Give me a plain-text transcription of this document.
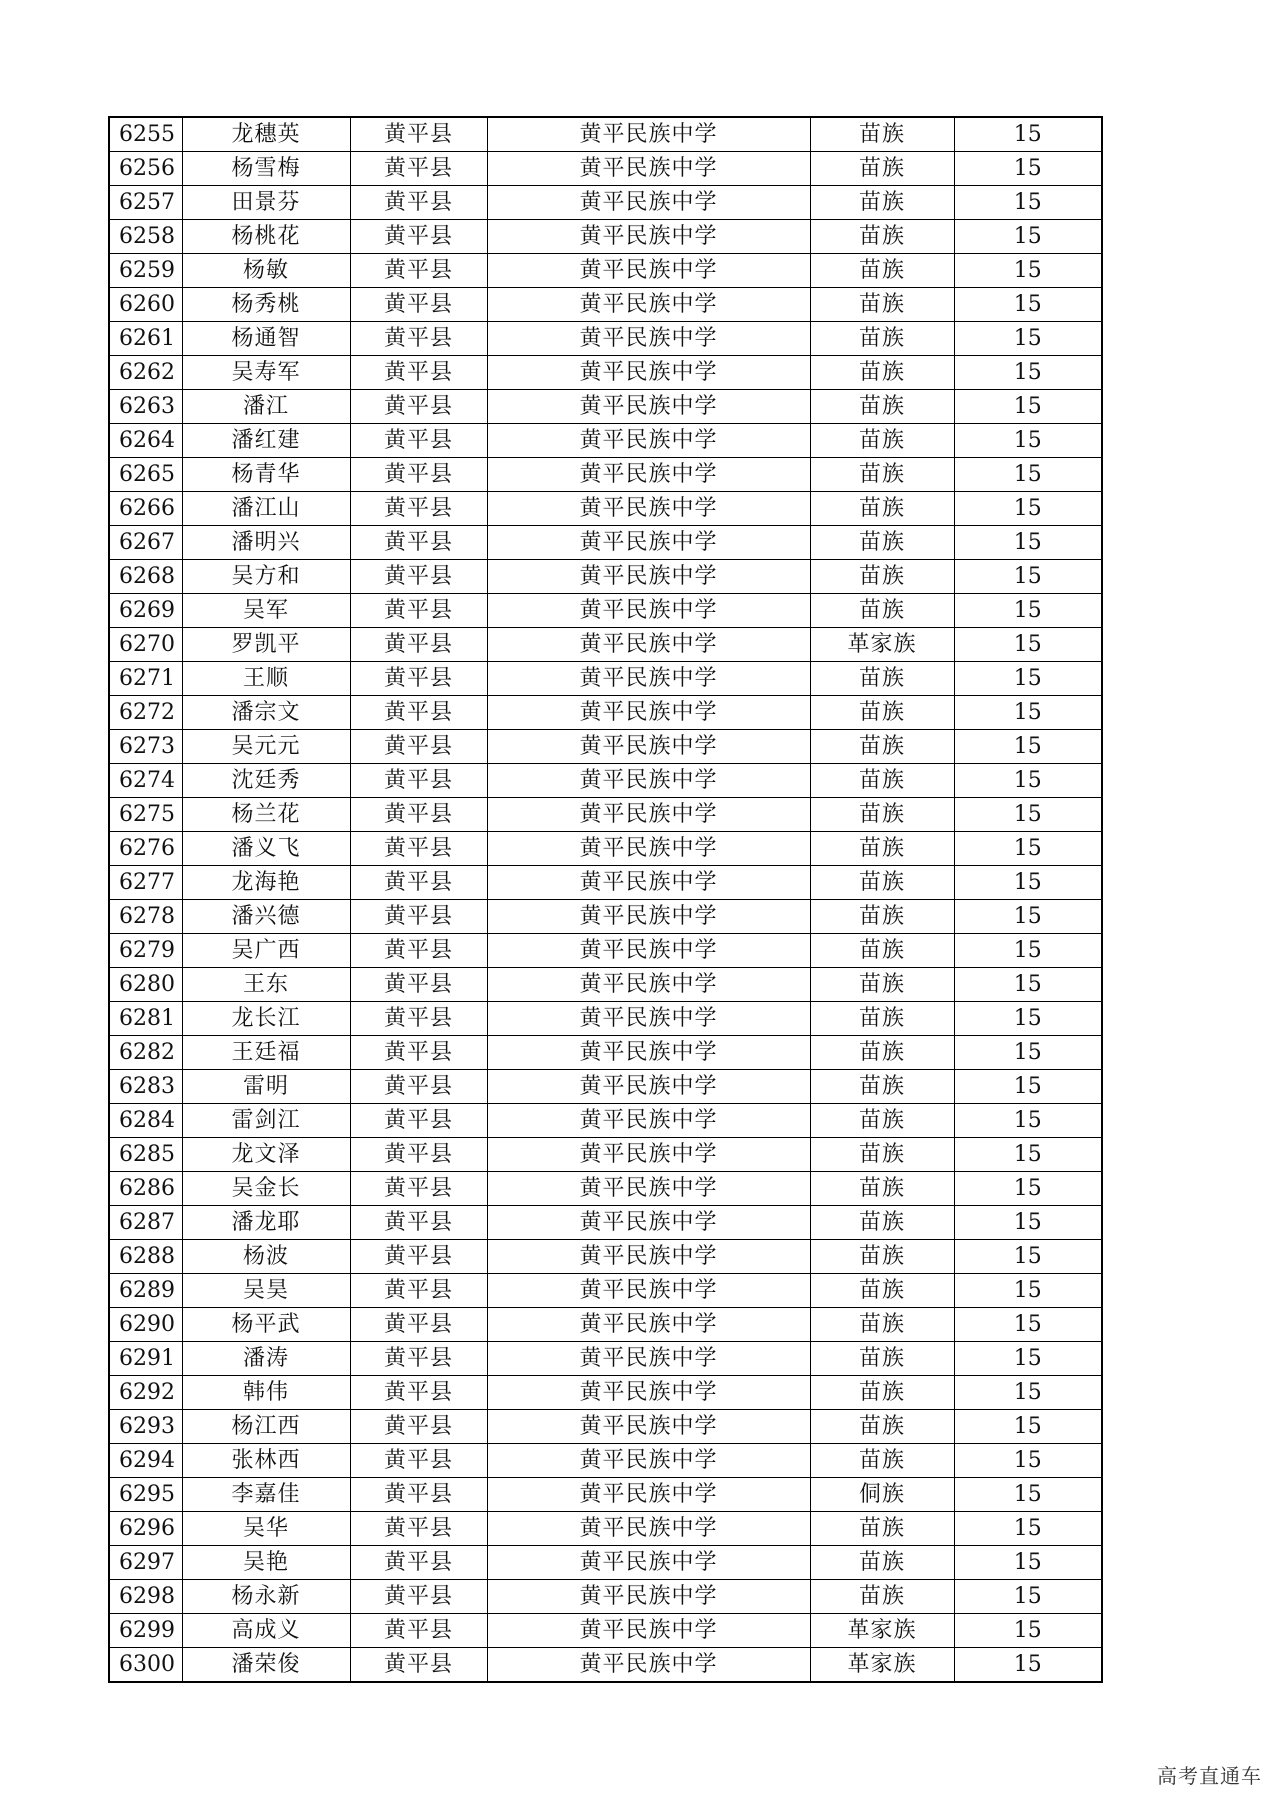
6255	龙穗英	黄平县	黄平民族中学	苗族	15
6256	杨雪梅	黄平县	黄平民族中学	苗族	15
6257	田景芬	黄平县	黄平民族中学	苗族	15
6258	杨桃花	黄平县	黄平民族中学	苗族	15
6259	杨敏	黄平县	黄平民族中学	苗族	15
6260	杨秀桃	黄平县	黄平民族中学	苗族	15
6261	杨通智	黄平县	黄平民族中学	苗族	15
6262	吴寿军	黄平县	黄平民族中学	苗族	15
6263	潘江	黄平县	黄平民族中学	苗族	15
6264	潘红建	黄平县	黄平民族中学	苗族	15
6265	杨青华	黄平县	黄平民族中学	苗族	15
6266	潘江山	黄平县	黄平民族中学	苗族	15
6267	潘明兴	黄平县	黄平民族中学	苗族	15
6268	吴方和	黄平县	黄平民族中学	苗族	15
6269	吴军	黄平县	黄平民族中学	苗族	15
6270	罗凯平	黄平县	黄平民族中学	革家族	15
6271	王顺	黄平县	黄平民族中学	苗族	15
6272	潘宗文	黄平县	黄平民族中学	苗族	15
6273	吴元元	黄平县	黄平民族中学	苗族	15
6274	沈廷秀	黄平县	黄平民族中学	苗族	15
6275	杨兰花	黄平县	黄平民族中学	苗族	15
6276	潘义飞	黄平县	黄平民族中学	苗族	15
6277	龙海艳	黄平县	黄平民族中学	苗族	15
6278	潘兴德	黄平县	黄平民族中学	苗族	15
6279	吴广西	黄平县	黄平民族中学	苗族	15
6280	王东	黄平县	黄平民族中学	苗族	15
6281	龙长江	黄平县	黄平民族中学	苗族	15
6282	王廷福	黄平县	黄平民族中学	苗族	15
6283	雷明	黄平县	黄平民族中学	苗族	15
6284	雷剑江	黄平县	黄平民族中学	苗族	15
6285	龙文泽	黄平县	黄平民族中学	苗族	15
6286	吴金长	黄平县	黄平民族中学	苗族	15
6287	潘龙耶	黄平县	黄平民族中学	苗族	15
6288	杨波	黄平县	黄平民族中学	苗族	15
6289	吴昊	黄平县	黄平民族中学	苗族	15
6290	杨平武	黄平县	黄平民族中学	苗族	15
6291	潘涛	黄平县	黄平民族中学	苗族	15
6292	韩伟	黄平县	黄平民族中学	苗族	15
6293	杨江西	黄平县	黄平民族中学	苗族	15
6294	张林西	黄平县	黄平民族中学	苗族	15
6295	李嘉佳	黄平县	黄平民族中学	侗族	15
6296	吴华	黄平县	黄平民族中学	苗族	15
6297	吴艳	黄平县	黄平民族中学	苗族	15
6298	杨永新	黄平县	黄平民族中学	苗族	15
6299	高成义	黄平县	黄平民族中学	革家族	15
6300	潘荣俊	黄平县	黄平民族中学	革家族	15
高考直通车
